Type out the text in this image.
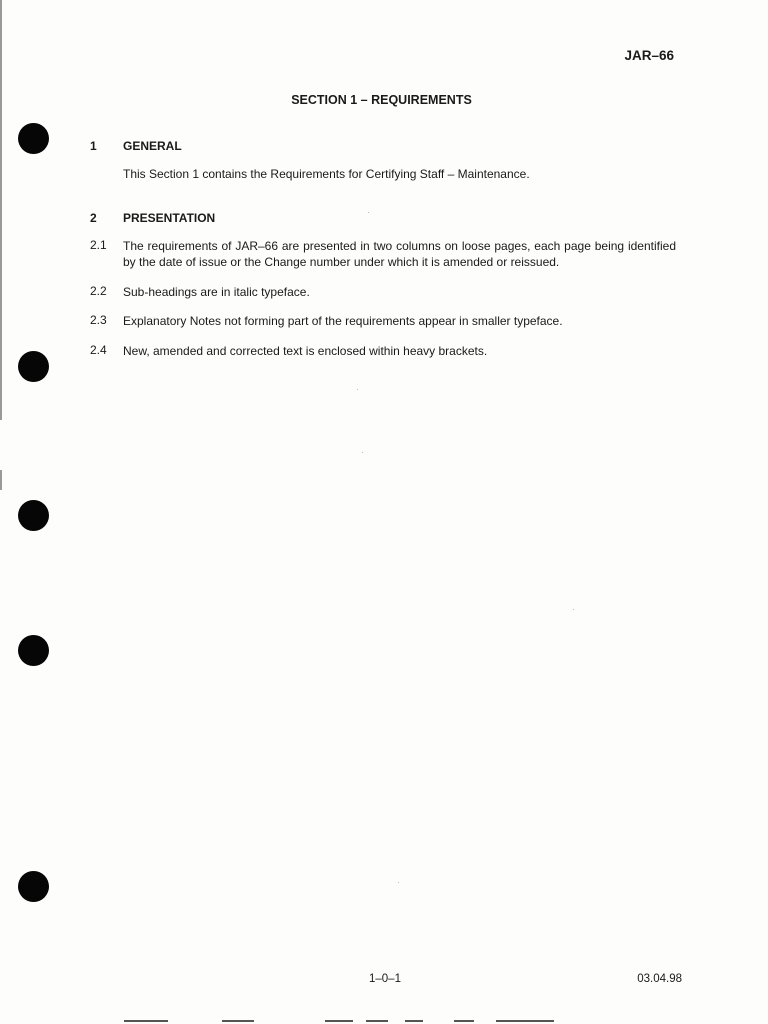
JAR–66
SECTION 1 – REQUIREMENTS
1	GENERAL
This Section 1 contains the Requirements for Certifying Staff – Maintenance.
2	PRESENTATION
2.1	The requirements of JAR–66 are presented in two columns on loose pages, each page being identified by the date of issue or the Change number under which it is amended or reissued.
2.2	Sub-headings are in italic typeface.
2.3	Explanatory Notes not forming part of the requirements appear in smaller typeface.
2.4	New, amended and corrected text is enclosed within heavy brackets.
1–0–1	03.04.98
